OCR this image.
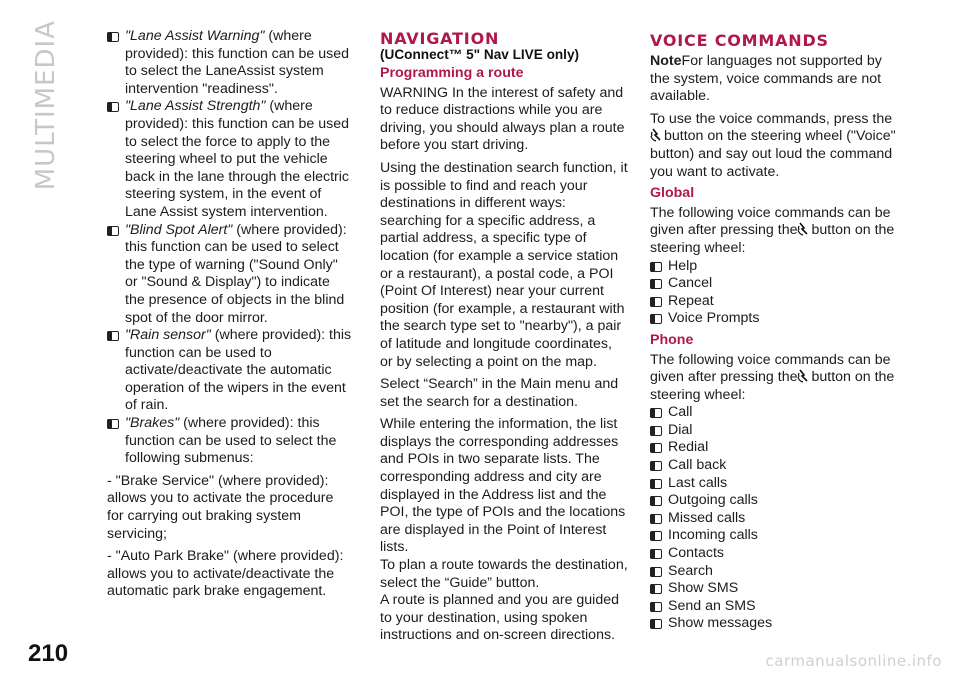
MULTIMEDIA	"Lane Assist Warning" (where provided): this function can be used to select the LaneAssist system intervention "readiness".
"Lane Assist Strength" (where provided): this function can be used to select the force to apply to the steering wheel to put the vehicle back in the lane through the electric steering system, in the event of Lane Assist system intervention.
"Blind Spot Alert" (where provided): this function can be used to select the type of warning ("Sound Only" or "Sound & Display") to indicate the presence of objects in the blind spot of the door mirror.
"Rain sensor" (where provided): this function can be used to activate/deactivate the automatic operation of the wipers in the event of rain.
"Brakes" (where provided): this function can be used to select the following submenus:
- "Brake Service" (where provided): allows you to activate the procedure for carrying out braking system servicing;
- "Auto Park Brake" (where provided): allows you to activate/deactivate the automatic park brake engagement.
NAVIGATION
(UConnect™ 5" Nav LIVE only)
Programming a route
WARNING In the interest of safety and to reduce distractions while you are driving, you should always plan a route before you start driving.
Using the destination search function, it is possible to find and reach your destinations in different ways: searching for a specific address, a partial address, a specific type of location (for example a service station or a restaurant), a postal code, a POI (Point Of Interest) near your current position (for example, a restaurant with the search type set to "nearby"), a pair of latitude and longitude coordinates, or by selecting a point on the map.
Select “Search” in the Main menu and set the search for a destination.
While entering the information, the list displays the corresponding addresses and POIs in two separate lists. The corresponding address and city are displayed in the Address list and the POI, the type of POIs and the locations are displayed in the Point of Interest lists.
To plan a route towards the destination, select the “Guide” button.
A route is planned and you are guided to your destination, using spoken instructions and on-screen directions.
VOICE COMMANDS
NoteFor languages not supported by the system, voice commands are not available.
To use the voice commands, press the
button on the steering wheel ("Voice" button) and say out loud the command you want to activate.
Global
The following voice commands can be given after pressing the button on the steering wheel:
Help
Cancel
Repeat
Voice Prompts
Phone
The following voice commands can be given after pressing the button on the steering wheel:
Call
Dial
Redial
Call back
Last calls
Outgoing calls
Missed calls
Incoming calls
Contacts
Search
Show SMS
Send an SMS
Show messages
210	carmanualsonline.info
